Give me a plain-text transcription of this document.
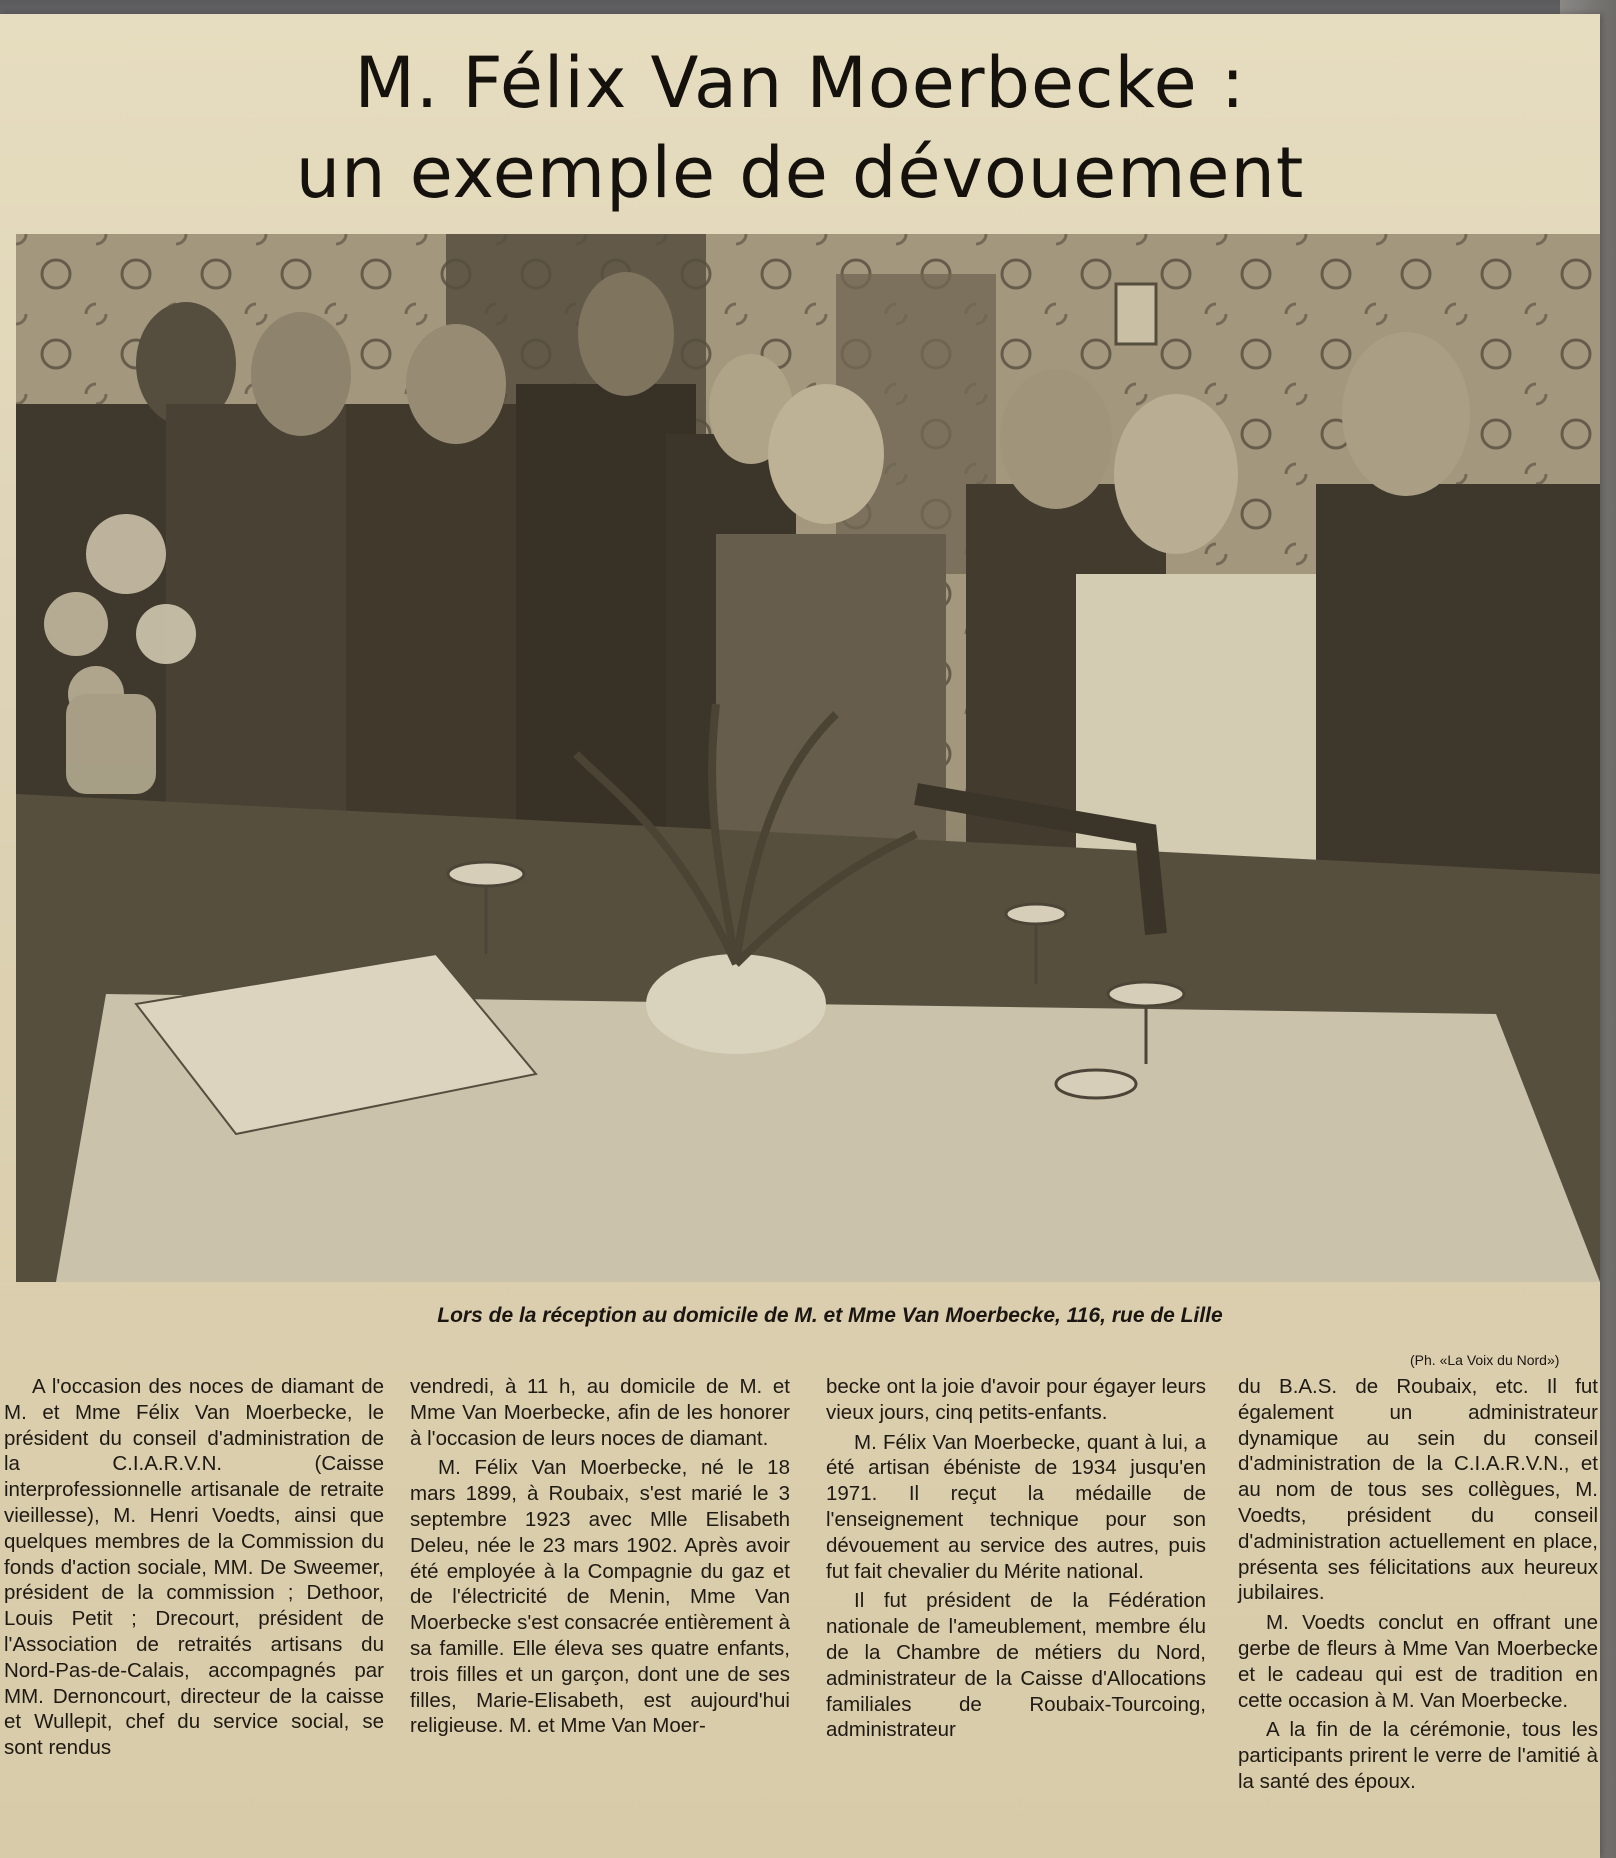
M. Félix Van Moerbecke :
un exemple de dévouement
Lors de la réception au domicile de M. et Mme Van Moerbecke, 116, rue de Lille
(Ph. «La Voix du Nord»)

A l'occasion des noces de diamant de M. et Mme Félix Van Moerbecke, le président du conseil d'administration de la C.I.A.R.V.N. (Caisse interprofessionnelle artisanale de retraite vieillesse), M. Henri Voedts, ainsi que quelques membres de la Commission du fonds d'action sociale, MM. De Sweemer, président de la commission ; Dethoor, Louis Petit ; Drecourt, président de l'Association de retraités artisans du Nord-Pas-de-Calais, accompagnés par MM. Dernoncourt, directeur de la caisse et Wullepit, chef du service social, se sont rendus

vendredi, à 11 h, au domicile de M. et Mme Van Moerbecke, afin de les honorer à l'occasion de leurs noces de diamant.

M. Félix Van Moerbecke, né le 18 mars 1899, à Roubaix, s'est marié le 3 septembre 1923 avec Mlle Elisabeth Deleu, née le 23 mars 1902. Après avoir été employée à la Compagnie du gaz et de l'électricité de Menin, Mme Van Moerbecke s'est consacrée entièrement à sa famille. Elle éleva ses quatre enfants, trois filles et un garçon, dont une de ses filles, Marie-Elisabeth, est aujourd'hui religieuse. M. et Mme Van Moer-

becke ont la joie d'avoir pour égayer leurs vieux jours, cinq petits-enfants.

M. Félix Van Moerbecke, quant à lui, a été artisan ébéniste de 1934 jusqu'en 1971. Il reçut la médaille de l'enseignement technique pour son dévouement au service des autres, puis fut fait chevalier du Mérite national.

Il fut président de la Fédération nationale de l'ameublement, membre élu de la Chambre de métiers du Nord, administrateur de la Caisse d'Allocations familiales de Roubaix-Tourcoing, administrateur

du B.A.S. de Roubaix, etc. Il fut également un administrateur dynamique au sein du conseil d'administration de la C.I.A.R.V.N., et au nom de tous ses collègues, M. Voedts, président du conseil d'administration actuellement en place, présenta ses félicitations aux heureux jubilaires.

M. Voedts conclut en offrant une gerbe de fleurs à Mme Van Moerbecke et le cadeau qui est de tradition en cette occasion à M. Van Moerbecke.

A la fin de la cérémonie, tous les participants prirent le verre de l'amitié à la santé des époux.
